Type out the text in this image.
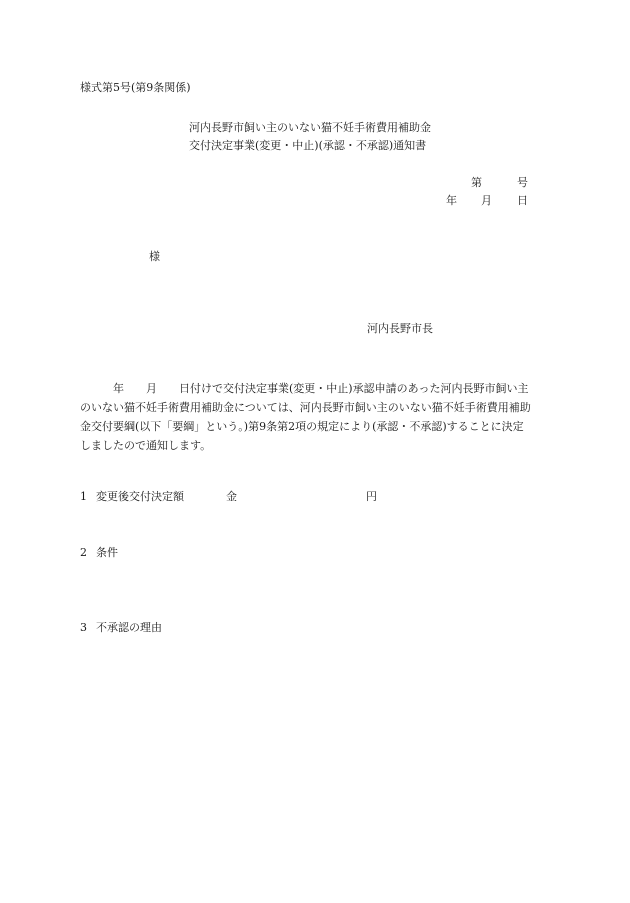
様式第5号(第9条関係)
河内長野市飼い主のいない猫不妊手術費用補助金
交付決定事業(変更・中止)(承認・不承認)通知書
第	号
年 月 日
様
河内長野市長
　　　年　　月　　日付けで交付決定事業(変更・中止)承認申請のあった河内長野市飼い主
のいない猫不妊手術費用補助金については、河内長野市飼い主のいない猫不妊手術費用補助
金交付要綱(以下「要綱」という。)第9条第2項の規定により(承認・不承認)することに決定
しましたので通知します。
1 変更後交付決定額	金	円
2 条件
3 不承認の理由
